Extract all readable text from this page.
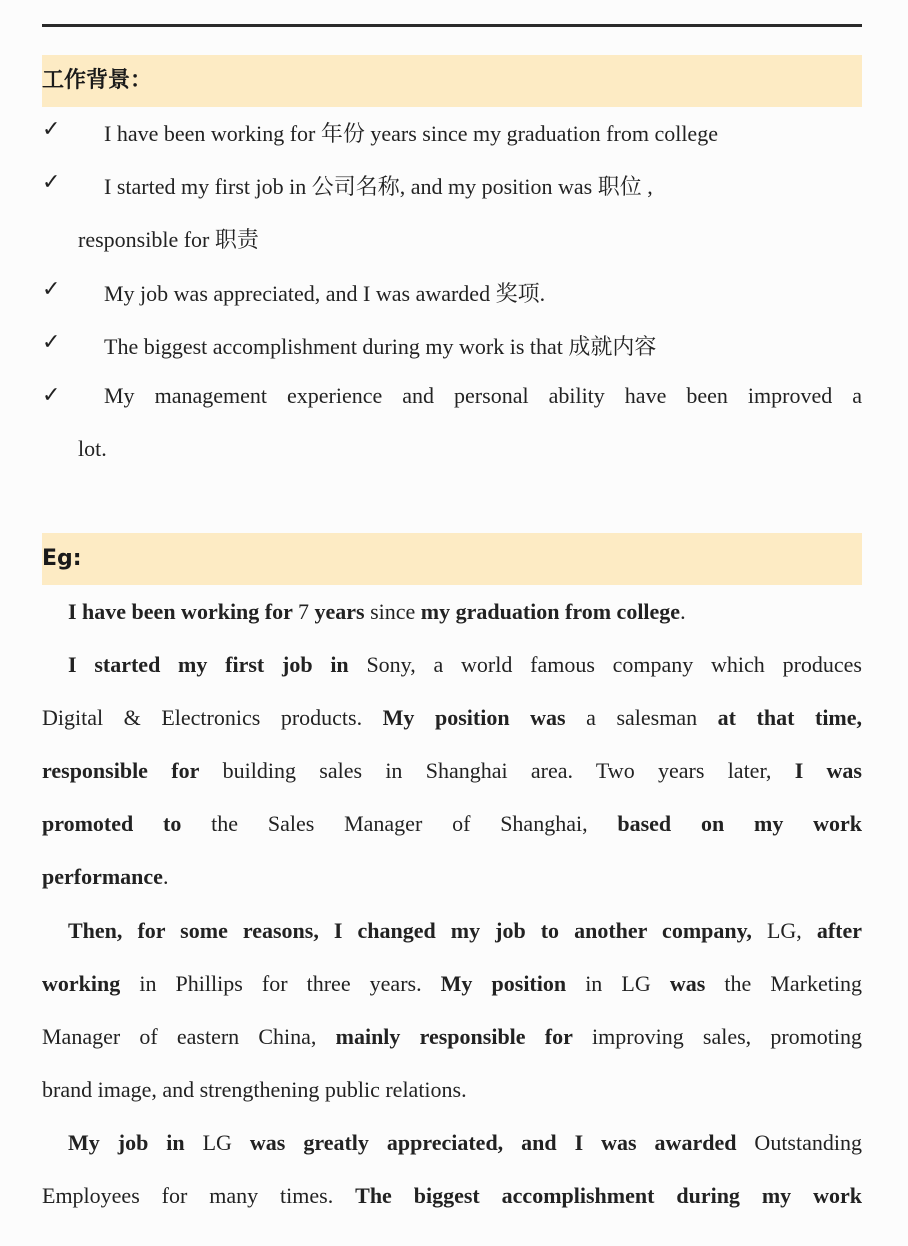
工作背景：
✓ I have been working for 年份 years since my graduation from college
✓ I started my first job in 公司名称, and my position was 职位 ,
responsible for 职责
✓ My job was appreciated, and I was awarded 奖项.
✓ The biggest accomplishment during my work is that 成就内容
✓ My management experience and personal ability have been improved a
lot.
Eg:
I have been working for 7 years since my graduation from college.
I started my first job in Sony, a world famous company which produces
Digital & Electronics products. My position was a salesman at that time,
responsible for building sales in Shanghai area. Two years later, I was
promoted to the Sales Manager of Shanghai, based on my work
performance.
Then, for some reasons, I changed my job to another company, LG, after
working in Phillips for three years. My position in LG was the Marketing
Manager of eastern China, mainly responsible for improving sales, promoting
brand image, and strengthening public relations.
My job in LG was greatly appreciated, and I was awarded Outstanding
Employees for many times. The biggest accomplishment during my work
